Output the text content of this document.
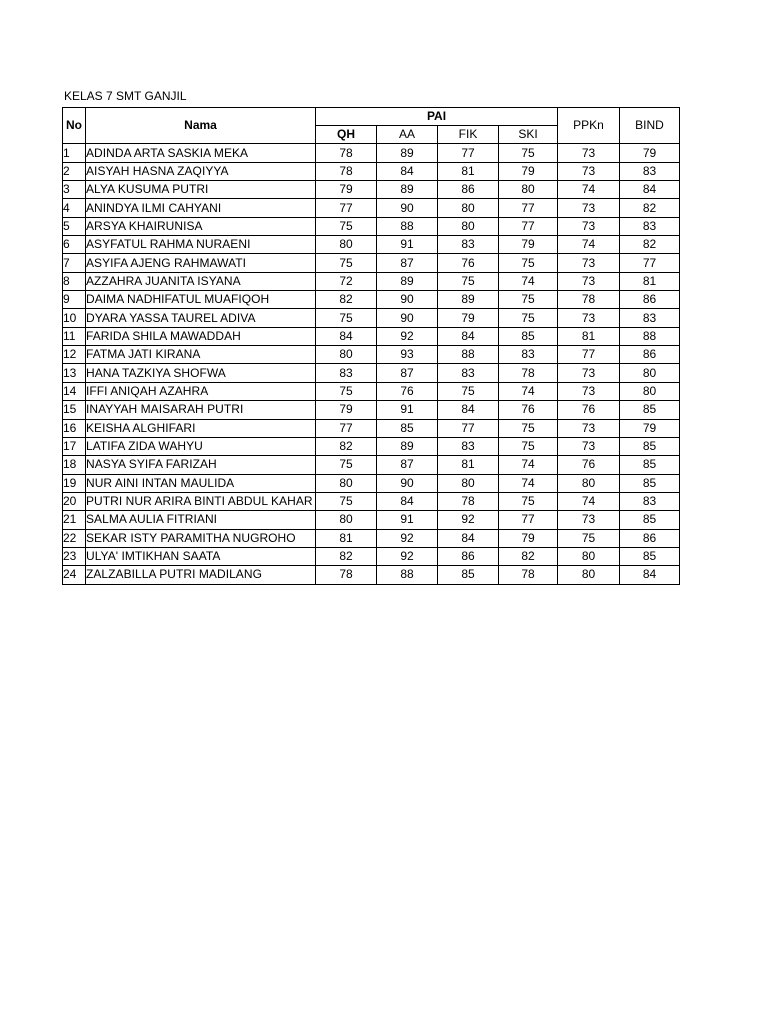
KELAS 7 SMT GANJIL
No	Nama	PAI				PPKn	BIND
		QH	AA	FIK	SKI		
1	ADINDA ARTA SASKIA MEKA	78	89	77	75	73	79
2	AISYAH HASNA ZAQIYYA	78	84	81	79	73	83
3	ALYA KUSUMA PUTRI	79	89	86	80	74	84
4	ANINDYA ILMI CAHYANI	77	90	80	77	73	82
5	ARSYA KHAIRUNISA	75	88	80	77	73	83
6	ASYFATUL RAHMA NURAENI	80	91	83	79	74	82
7	ASYIFA AJENG RAHMAWATI	75	87	76	75	73	77
8	AZZAHRA JUANITA ISYANA	72	89	75	74	73	81
9	DAIMA NADHIFATUL MUAFIQOH	82	90	89	75	78	86
10	DYARA YASSA TAUREL ADIVA	75	90	79	75	73	83
11	FARIDA SHILA MAWADDAH	84	92	84	85	81	88
12	FATMA JATI KIRANA	80	93	88	83	77	86
13	HANA TAZKIYA SHOFWA	83	87	83	78	73	80
14	IFFI ANIQAH AZAHRA	75	76	75	74	73	80
15	INAYYAH MAISARAH PUTRI	79	91	84	76	76	85
16	KEISHA ALGHIFARI	77	85	77	75	73	79
17	LATIFA ZIDA WAHYU	82	89	83	75	73	85
18	NASYA SYIFA FARIZAH	75	87	81	74	76	85
19	NUR AINI INTAN MAULIDA	80	90	80	74	80	85
20	PUTRI NUR ARIRA BINTI ABDUL KAHAR	75	84	78	75	74	83
21	SALMA AULIA FITRIANI	80	91	92	77	73	85
22	SEKAR ISTY PARAMITHA NUGROHO	81	92	84	79	75	86
23	ULYA' IMTIKHAN SAATA	82	92	86	82	80	85
24	ZALZABILLA PUTRI MADILANG	78	88	85	78	80	84
